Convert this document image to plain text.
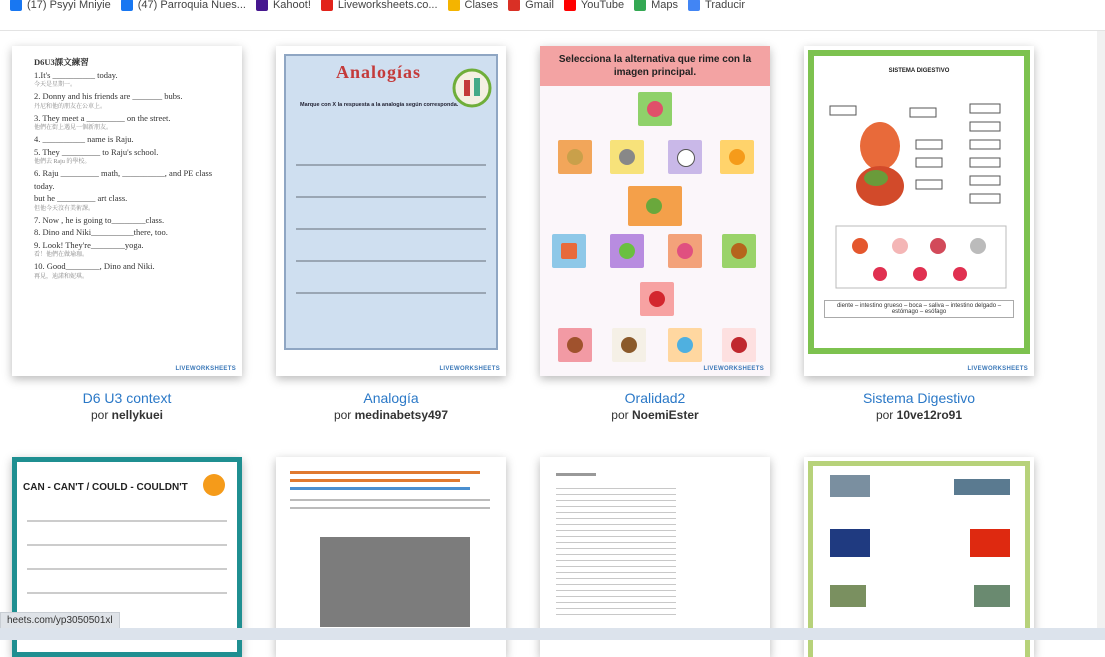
(17) Psyyi Mniyie (47) Parroquia Nues... Kahoot! Liveworksheets.co... Clases Gmail YouTube Maps Traducir
D6U3課文練習
1.It's __________ today.
今天是星期一。
2. Donny and his friends are _______ bubs.
丹尼和他的朋友在公車上。
3. They meet a _________ on the street.
他們在街上遇見一個新朋友。
4. __________ name is Raju.
5. They _________ to Raju's school.
他們去 Raju 的學校。
6. Raju _________ math, __________, and PE class today.
but he _________ art class.
但他今天沒有美術課。
7. Now , he is going to________class.
8. Dino and Niki__________there, too.
9. Look! They're________yoga.
看！他們在做瑜珈。
10. Good________, Dino and Niki.
再見，迪諾和妮琪。
LIVEWORKSHEETS
D6 U3 context
por nellykuei
Analogías
Marque con X la respuesta a la analogía según corresponda.
LIVEWORKSHEETS
Analogía
por medinabetsy497
Selecciona la alternativa que rime con la imagen principal.
LIVEWORKSHEETS
Oralidad2
por NoemiEster
SISTEMA DIGESTIVO
diente – intestino grueso – boca – saliva – intestino delgado – estómago – esófago
LIVEWORKSHEETS
Sistema Digestivo
por 10ve12ro91
CAN - CAN'T / COULD - COULDN'T
heets.com/yp3050501xl
